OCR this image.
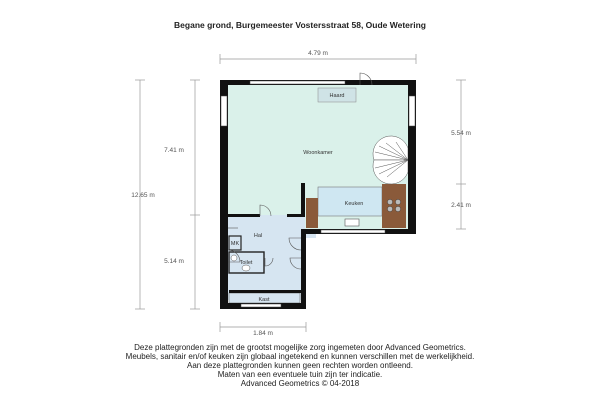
Begane grond, Burgemeester Vostersstraat 58, Oude Wetering
4.79 m
1.84 m
12.65 m
7.41 m
5.14 m
5.54 m
2.41 m
Haard
Woonkamer
Keuken
Hal
MK
Toilet
Kast
Deze plattegronden zijn met de grootst mogelijke zorg ingemeten door Advanced Geometrics.
Meubels, sanitair en/of keuken zijn globaal ingetekend en kunnen verschillen met de werkelijkheid.
Aan deze plattegronden kunnen geen rechten worden ontleend.
Maten van een eventuele tuin zijn ter indicatie.
Advanced Geometrics © 04-2018
